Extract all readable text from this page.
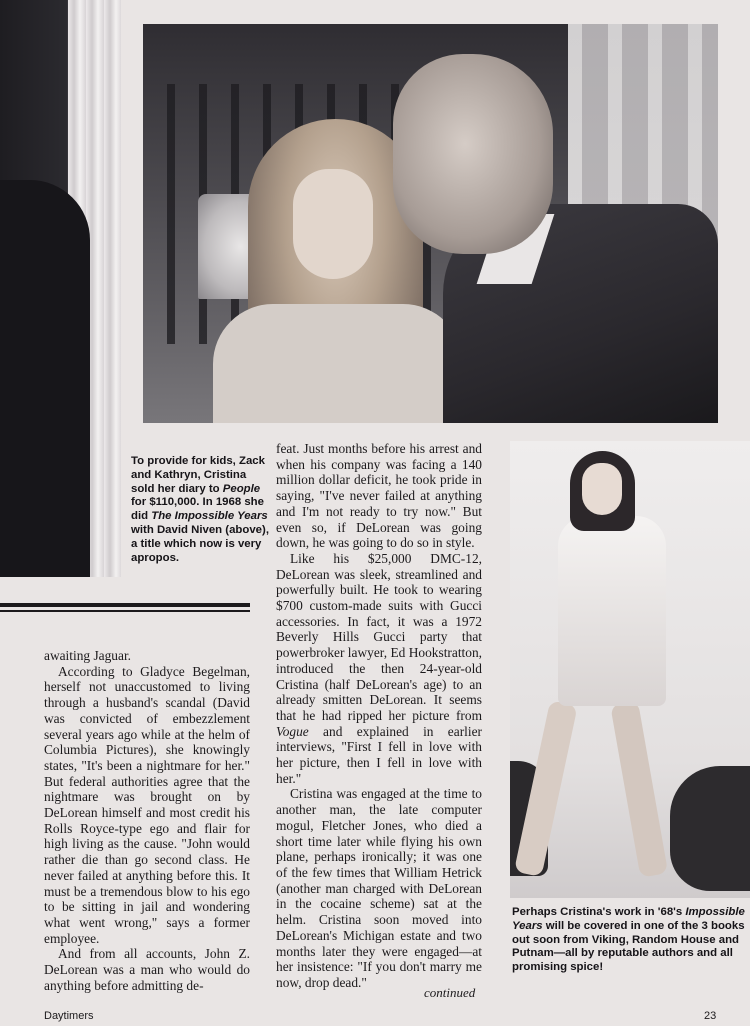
To provide for kids, Zack and Kathryn, Cristina sold her diary to People for $110,000. In 1968 she did The Impossible Years with David Niven (above), a title which now is very apropos.
Perhaps Cristina's work in '68's Impossible Years will be covered in one of the 3 books out soon from Viking, Random House and Putnam—all by reputable authors and all promising spice!

awaiting Jaguar.

According to Gladyce Begelman, herself not unaccustomed to living through a husband's scandal (David was convicted of embezzlement several years ago while at the helm of Columbia Pictures), she knowingly states, "It's been a nightmare for her." But federal authorities agree that the nightmare was brought on by DeLorean himself and most credit his Rolls Royce-type ego and flair for high living as the cause. "John would rather die than go second class. He never failed at anything before this. It must be a tremendous blow to his ego to be sitting in jail and wondering what went wrong," says a former employee.

And from all accounts, John Z. DeLorean was a man who would do anything before admitting de-

feat. Just months before his arrest and when his company was facing a 140 million dollar deficit, he took pride in saying, "I've never failed at anything and I'm not ready to try now." But even so, if DeLorean was going down, he was going to do so in style.

Like his $25,000 DMC-12, DeLorean was sleek, streamlined and powerfully built. He took to wearing $700 custom-made suits with Gucci accessories. In fact, it was a 1972 Beverly Hills Gucci party that powerbroker lawyer, Ed Hookstratton, introduced the then 24-year-old Cristina (half DeLorean's age) to an already smitten DeLorean. It seems that he had ripped her picture from Vogue and explained in earlier interviews, "First I fell in love with her picture, then I fell in love with her."

Cristina was engaged at the time to another man, the late computer mogul, Fletcher Jones, who died a short time later while flying his own plane, perhaps ironically; it was one of the few times that William Hetrick (another man charged with DeLorean in the cocaine scheme) sat at the helm. Cristina soon moved into DeLorean's Michigan estate and two months later they were engaged—at her insistence: "If you don't marry me now, drop dead."

continued
Daytimers	23
